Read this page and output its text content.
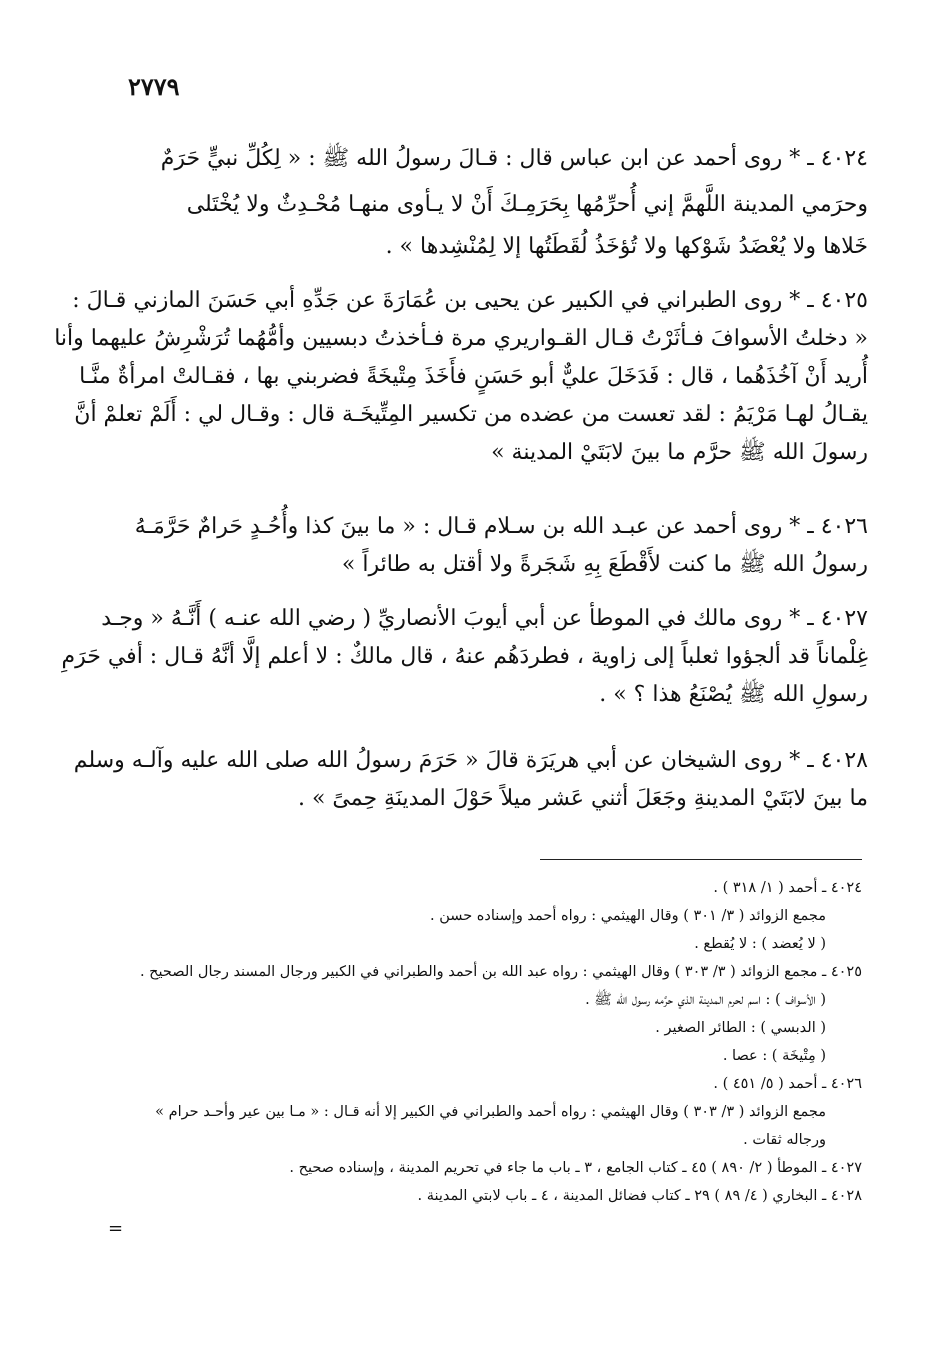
٢٧٧٩
٤٠٢٤ ـ * روى أحمد عن ابن عباس قال : قـالَ رسولُ الله ﷺ : « لِكُلِّ نبيٍّ حَرَمٌ
وحرَمي المدينة اللَّهمَّ إني أُحرِّمُها بِحَرَمِـكَ أَنْ لا يـأوى منهـا مُحْـدِثٌ ولا يُخْتَلى
خَلاها ولا يُعْضَدُ شَوْكها ولا تُؤخَذُ لُقَطَتُها إلا لِمُنْشِدها » .
٤٠٢٥ ـ * روى الطبراني في الكبير عن يحيى بن عُمَارَةَ عن جَدِّهِ أبي حَسَنَ المازني قـالَ :
« دخلتُ الأسوافَ فـأثَرْتُ قـال القـواريري مرة فـأخذتُ دبسيين وأمُّهُما تُرَشْرِشُ عليهما وأنا
أُريد أَنْ آخُذَهُما ، قال : فَدَخَلَ عليٌّ أبو حَسَنٍ فأَخَذَ مِتْيخَةً فضربني بها ، فقـالتْ امرأةٌ منَّـا
يقـالُ لهـا مَرْيَمُ : لقد تعست من عضده من تكسير المِتِّيخَـة قال : وقـال لي : أَلَمْ تعلمْ أنَّ
رسولَ الله ﷺ حرَّم ما بينَ لابَتَيْ المدينة »
٤٠٢٦ ـ * روى أحمد عن عبـد الله بن سـلام قـال : « ما بينَ كذا وأُحُـدٍ حَرامٌ حَرَّمَـهُ
رسولُ الله ﷺ ما كنت لأَقْطَعَ بِهِ شَجَرةً ولا أقتل به طائراً »
٤٠٢٧ ـ * روى مالك في الموطأ عن أبي أيوبَ الأنصاريِّ ( رضي الله عنـه ) أَنَّـهُ « وجـد
غِلْماناً قد ألجؤوا ثعلباً إلى زاوية ، فطردَهُم عنهُ ، قال مالكٌ : لا أعلم إلَّا أنَّهُ قـال : أفي حَرَمِ
رسولِ الله ﷺ يُصْنَعُ هذا ؟ » .
٤٠٢٨ ـ * روى الشيخان عن أبي هريَرَة قالَ « حَرَمَ رسولُ الله صلى الله عليه وآلـه وسلم
ما بينَ لابَتَيْ المدينةِ وجَعَلَ أثني عَشر ميلاً حَوْلَ المدينَةِ حِمىً » .
٤٠٢٤ ـ أحمد ( ١/ ٣١٨ ) .
مجمع الزوائد ( ٣/ ٣٠١ ) وقال الهيثمي : رواه أحمد وإسناده حسن .
( لا يُعضد ) : لا يُقطع .
٤٠٢٥ ـ مجمع الزوائد ( ٣/ ٣٠٣ ) وقال الهيثمي : رواه عبد الله بن أحمد والطبراني في الكبير ورجال المسند رجال الصحيح .
( الأسواف ) : اسم لحرم المدينة الذي حرَّمه رسول الله ﷺ .
( الدبسي ) : الطائر الصغير .
( مِتْيخَة ) : عصا .
٤٠٢٦ ـ أحمد ( ٥/ ٤٥١ ) .
مجمع الزوائد ( ٣/ ٣٠٣ ) وقال الهيثمي : رواه أحمد والطبراني في الكبير إلا أنه قـال : « مـا بين عير وأحـد حرام »
ورجاله ثقات .
٤٠٢٧ ـ الموطأ ( ٢/ ٨٩٠ ) ٤٥ ـ كتاب الجامع ، ٣ ـ باب ما جاء في تحريم المدينة ، وإسناده صحيح .
٤٠٢٨ ـ البخاري ( ٤/ ٨٩ ) ٢٩ ـ كتاب فضائل المدينة ، ٤ ـ باب لابتي المدينة .
=
